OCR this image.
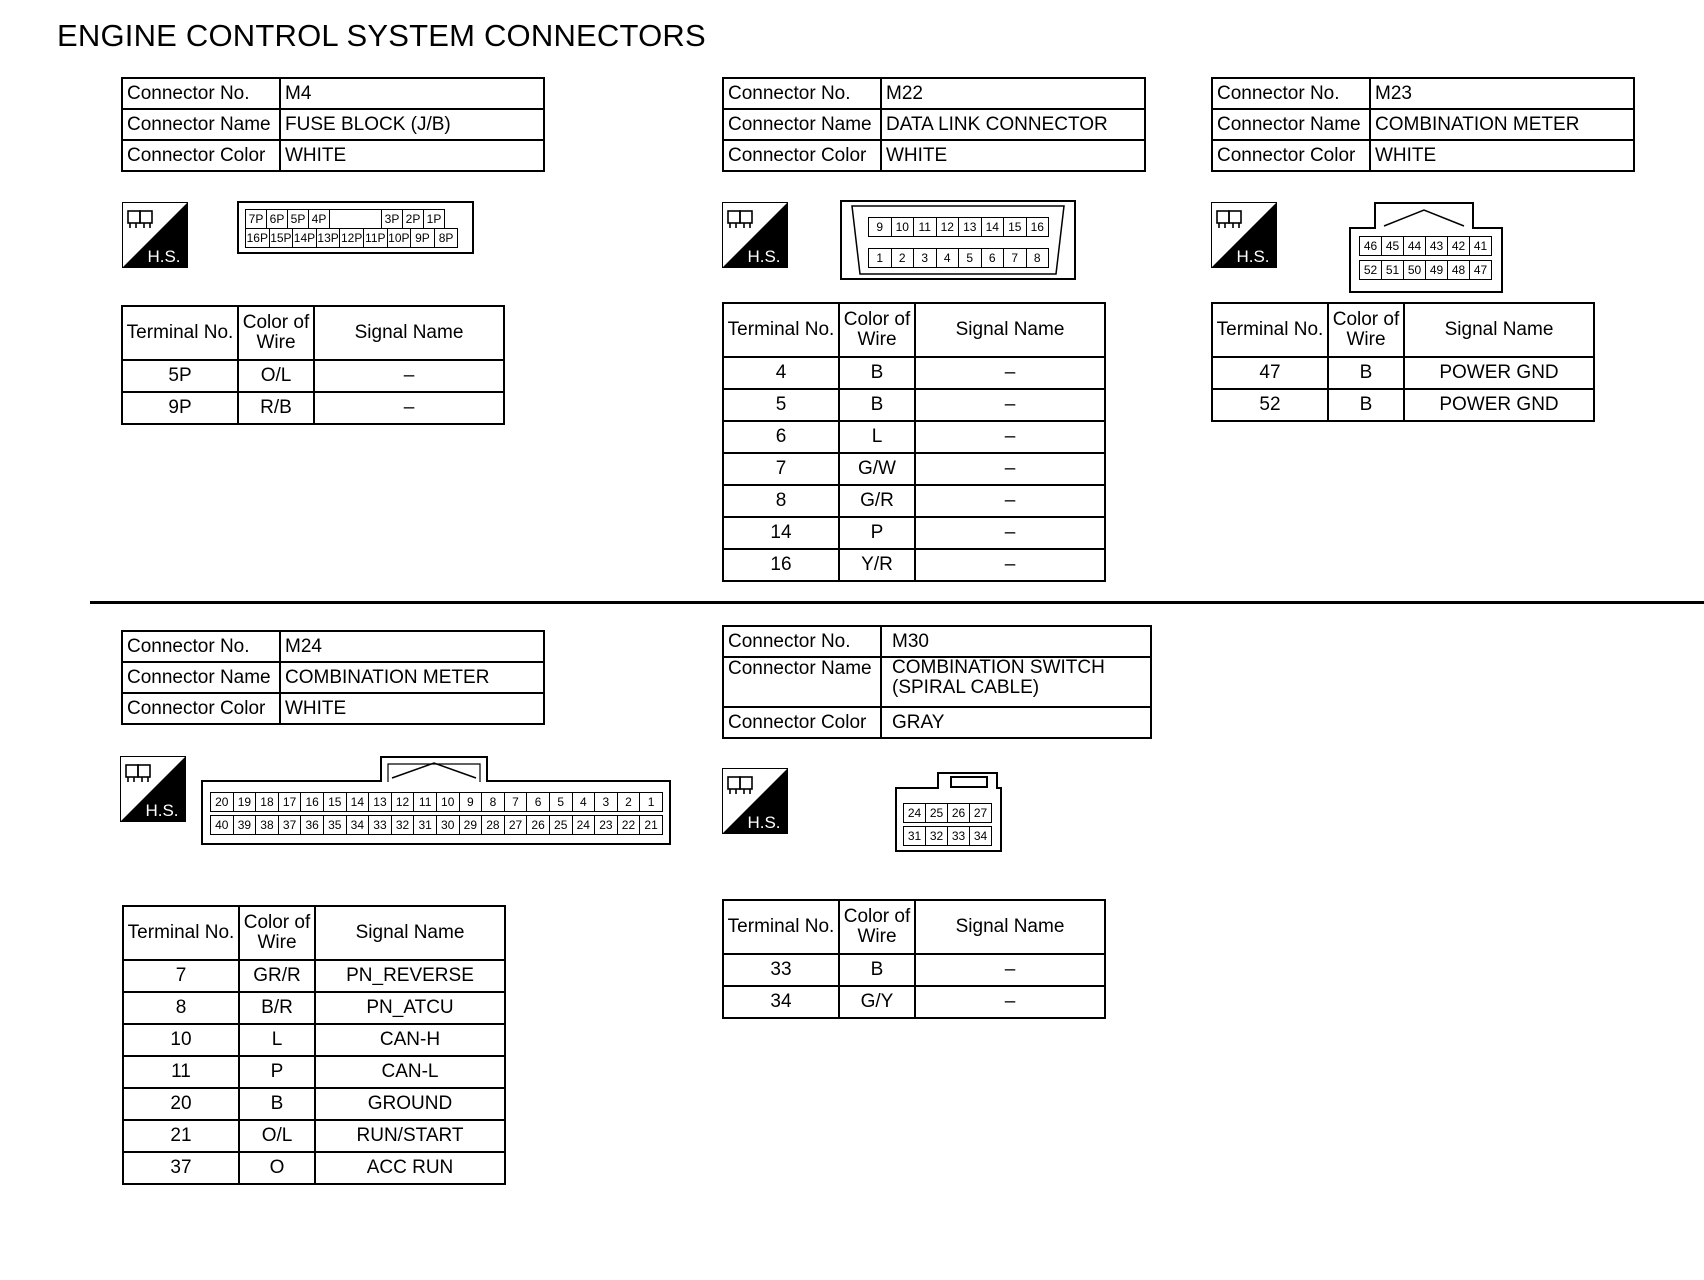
ENGINE CONTROL SYSTEM CONNECTORS
Connector No.	M4
Connector Name	FUSE BLOCK (J/B)
Connector Color	WHITE
H.S.
7P 6P 5P 4P	3P 2P 1P
16P 15P 14P 13P 12P 11P 10P 9P 8P
Terminal No.	Color of Wire	Signal Name
5P	O/L	–
9P	R/B	–
Connector No.	M22
Connector Name	DATA LINK CONNECTOR
Connector Color	WHITE
H.S.
9	10 11 12 13 14 15 16
1	2	3	4	5	6	7	8
Terminal No.	Color of Wire	Signal Name
4	B	–
5	B	–
6	L	–
7	G/W	–
8	G/R	–
14	P	–
16	Y/R	–
Connector No.	M23
Connector Name	COMBINATION METER
Connector Color	WHITE
H.S.
46 45 44 43 42 41
52 51 50 49 48 47
Terminal No.	Color of Wire	Signal Name
47	B	POWER GND
52	B	POWER GND
Connector No.	M24
Connector Name	COMBINATION METER
Connector Color	WHITE
H.S.	20 19 18 17 16 15 14 13 12 11 10	9	8	7	6	5	4	3	2	1
40 39 38 37 36 35 34 33 32 31 30 29 28 27 26 25 24 23 22 21
Terminal No.	Color of Wire	Signal Name
7	GR/R	PN_REVERSE
8	B/R	PN_ATCU
10	L	CAN-H
11	P	CAN-L
20	B	GROUND
21	O/L	RUN/START
37	O	ACC RUN
Connector No.	M30
Connector Name	COMBINATION SWITCH
(SPIRAL CABLE)

Connector Color	GRAY
H.S.	24 25 26 27
31 32 33 34
Terminal No.	Color of Wire	Signal Name
33	B	–
34	G/Y	–
